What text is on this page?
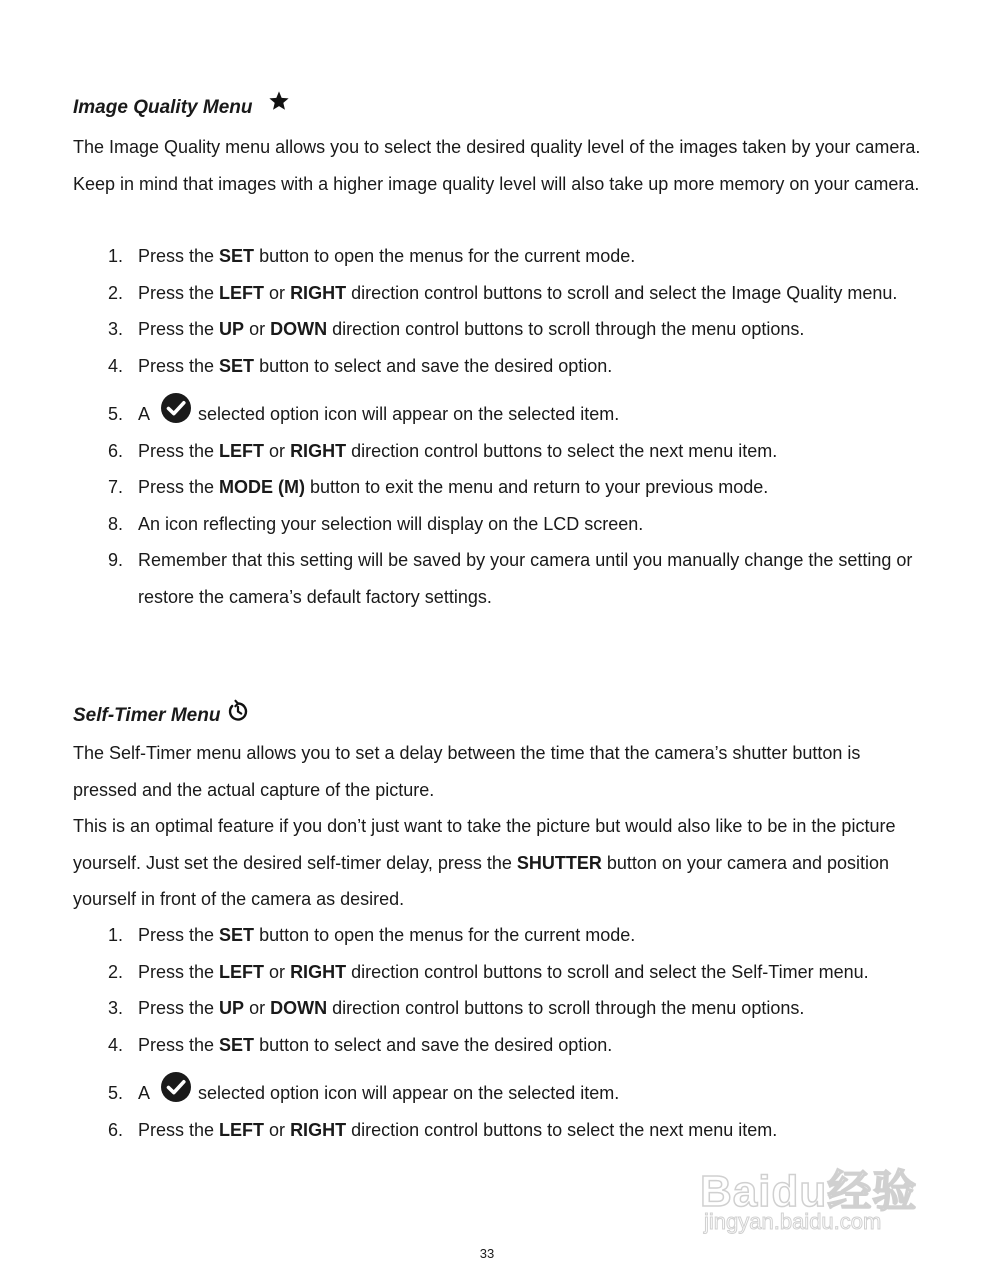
Image Quality Menu

The Image Quality menu allows you to select the desired quality level of the images taken by your camera. Keep in mind that images with a higher image quality level will also take up more memory on your camera.

1. Press the SET button to open the menus for the current mode.
2. Press the LEFT or RIGHT direction control buttons to scroll and select the Image Quality menu.
3. Press the UP or DOWN direction control buttons to scroll through the menu options.
4. Press the SET button to select and save the desired option.
5. A	selected option icon will appear on the selected item.
6. Press the LEFT or RIGHT direction control buttons to select the next menu item.
7. Press the MODE (M) button to exit the menu and return to your previous mode.
8. An icon reflecting your selection will display on the LCD screen.
9. Remember that this setting will be saved by your camera until you manually change the setting or restore the camera’s default factory settings.
Self-Timer Menu

The Self-Timer menu allows you to set a delay between the time that the camera’s shutter button is pressed and the actual capture of the picture.

This is an optimal feature if you don’t just want to take the picture but would also like to be in the picture yourself. Just set the desired self-timer delay, press the SHUTTER button on your camera and position yourself in front of the camera as desired.

1. Press the SET button to open the menus for the current mode.
2. Press the LEFT or RIGHT direction control buttons to scroll and select the Self-Timer menu.
3. Press the UP or DOWN direction control buttons to scroll through the menu options.
4. Press the SET button to select and save the desired option.
5. A	selected option icon will appear on the selected item.
6. Press the LEFT or RIGHT direction control buttons to select the next menu item.
Baidu经验
jingyan.baidu.com
33
